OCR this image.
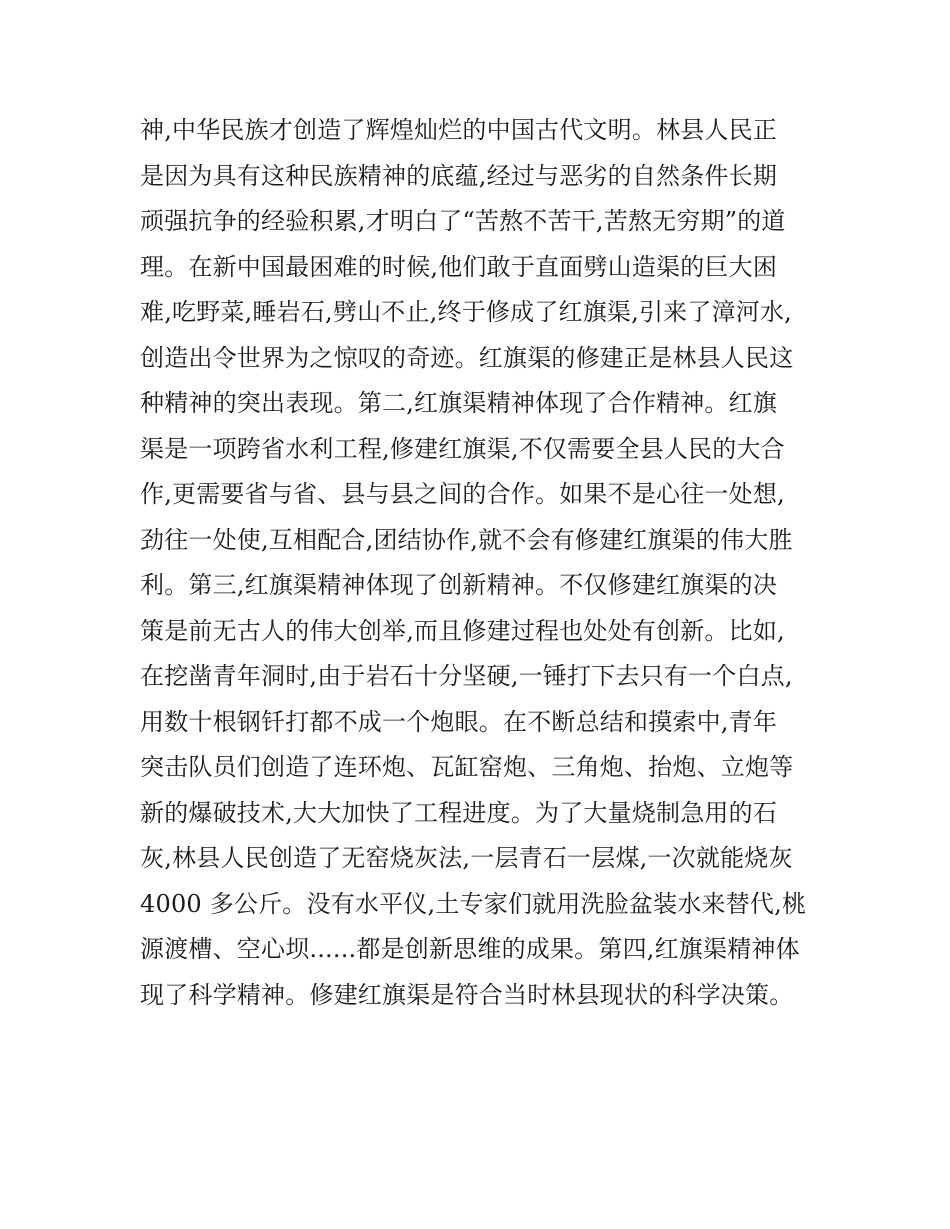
神,中华民族才创造了辉煌灿烂的中国古代文明。林县人民正
是因为具有这种民族精神的底蕴,经过与恶劣的自然条件长期
顽强抗争的经验积累,才明白了“苦熬不苦干,苦熬无穷期”的道
理。在新中国最困难的时候,他们敢于直面劈山造渠的巨大困
难,吃野菜,睡岩石,劈山不止,终于修成了红旗渠,引来了漳河水,
创造出令世界为之惊叹的奇迹。红旗渠的修建正是林县人民这
种精神的突出表现。第二,红旗渠精神体现了合作精神。红旗
渠是一项跨省水利工程,修建红旗渠,不仅需要全县人民的大合
作,更需要省与省、县与县之间的合作。如果不是心往一处想,
劲往一处使,互相配合,团结协作,就不会有修建红旗渠的伟大胜
利。第三,红旗渠精神体现了创新精神。不仅修建红旗渠的决
策是前无古人的伟大创举,而且修建过程也处处有创新。比如,
在挖凿青年洞时,由于岩石十分坚硬,一锤打下去只有一个白点,
用数十根钢钎打都不成一个炮眼。在不断总结和摸索中,青年
突击队员们创造了连环炮、瓦缸窑炮、三角炮、抬炮、立炮等
新的爆破技术,大大加快了工程进度。为了大量烧制急用的石
灰,林县人民创造了无窑烧灰法,一层青石一层煤,一次就能烧灰
4000 多公斤。没有水平仪,土专家们就用洗脸盆装水来替代,桃
源渡槽、空心坝......都是创新思维的成果。第四,红旗渠精神体
现了科学精神。修建红旗渠是符合当时林县现状的科学决策。
